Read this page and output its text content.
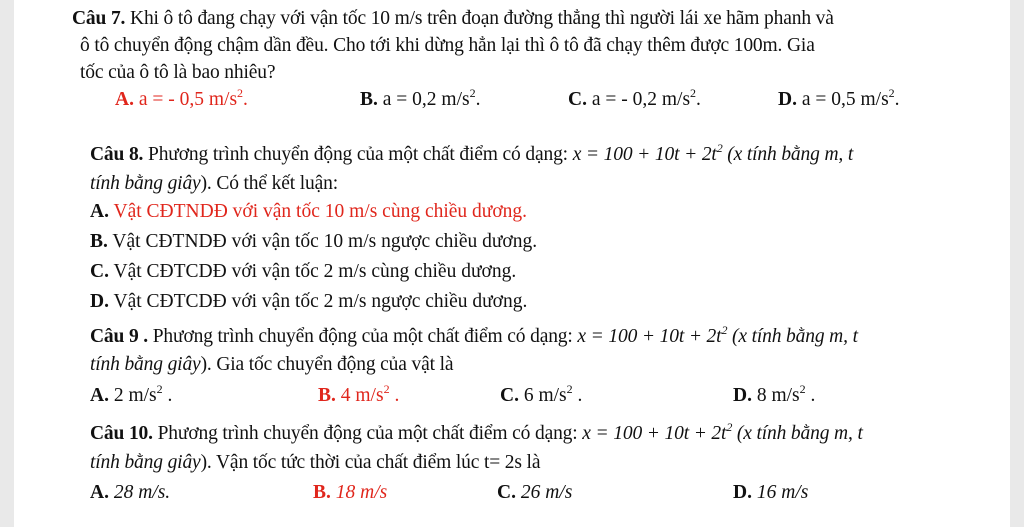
Câu 7. Khi ô tô đang chạy với vận tốc 10 m/s trên đoạn đường thẳng thì người lái xe hãm phanh và
ô tô chuyển động chậm dần đều. Cho tới khi dừng hẳn lại thì ô tô đã chạy thêm được 100m. Gia
tốc của ô tô là bao nhiêu?
A. a = - 0,5 $m/s^2$.	B. a = 0,2 $m/s^2$.	C. a = - 0,2 $m/s^2$.	D. a = 0,5 $m/s^2$.
Câu 8. Phương trình chuyển động của một chất điểm có dạng: $x = 100 + 10t + 2t^2$ (x tính bằng m, t
tính bằng giây). Có thể kết luận:
A. Vật CĐTNDĐ với vận tốc 10 m/s cùng chiều dương.
B. Vật CĐTNDĐ với vận tốc 10 m/s ngược chiều dương.
C. Vật CĐTCDĐ với vận tốc 2 m/s cùng chiều dương.
D. Vật CĐTCDĐ với vận tốc 2 m/s ngược chiều dương.
Câu 9 . Phương trình chuyển động của một chất điểm có dạng: $x = 100 + 10t + 2t^2$ (x tính bằng m, t
tính bằng giây). Gia tốc chuyển động của vật là
A. 2 $m/s^2$ .	B. 4 $m/s^2$ .	C. 6 $m/s^2$ .	D. 8 $m/s^2$ .
Câu 10. Phương trình chuyển động của một chất điểm có dạng: $x = 100 + 10t + 2t^2$ (x tính bằng m, t
tính bằng giây). Vận tốc tức thời của chất điểm lúc t= 2s là
A. 28 m/s.	B. 18 m/s	C. 26 m/s	D. 16 m/s
